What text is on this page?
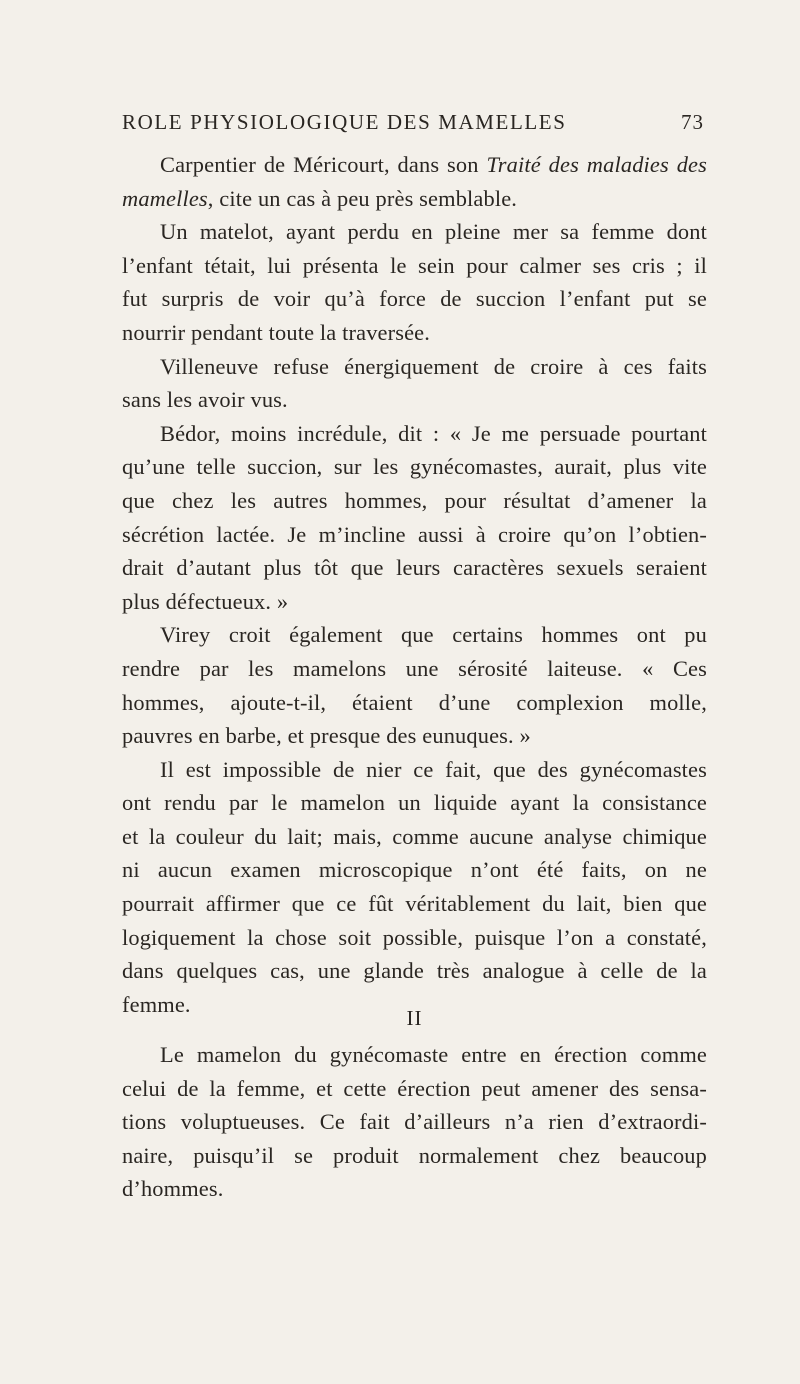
ROLE PHYSIOLOGIQUE DES MAMELLES	73
Carpentier de Méricourt, dans son Traité des maladies des
mamelles, cite un cas à peu près semblable.
Un matelot, ayant perdu en pleine mer sa femme dont
l’enfant tétait, lui présenta le sein pour calmer ses cris ; il
fut surpris de voir qu’à force de succion l’enfant put se
nourrir pendant toute la traversée.
Villeneuve refuse énergiquement de croire à ces faits
sans les avoir vus.
Bédor, moins incrédule, dit : « Je me persuade pourtant
qu’une telle succion, sur les gynécomastes, aurait, plus vite
que chez les autres hommes, pour résultat d’amener la
sécrétion lactée. Je m’incline aussi à croire qu’on l’obtien-
drait d’autant plus tôt que leurs caractères sexuels seraient
plus défectueux. »
Virey croit également que certains hommes ont pu
rendre par les mamelons une sérosité laiteuse. « Ces
hommes, ajoute-t-il, étaient d’une complexion molle,
pauvres en barbe, et presque des eunuques. »
Il est impossible de nier ce fait, que des gynécomastes
ont rendu par le mamelon un liquide ayant la consistance
et la couleur du lait; mais, comme aucune analyse chimique
ni aucun examen microscopique n’ont été faits, on ne
pourrait affirmer que ce fût véritablement du lait, bien que
logiquement la chose soit possible, puisque l’on a constaté,
dans quelques cas, une glande très analogue à celle de la
femme.
II
Le mamelon du gynécomaste entre en érection comme
celui de la femme, et cette érection peut amener des sensa-
tions voluptueuses. Ce fait d’ailleurs n’a rien d’extraordi-
naire, puisqu’il se produit normalement chez beaucoup
d’hommes.
